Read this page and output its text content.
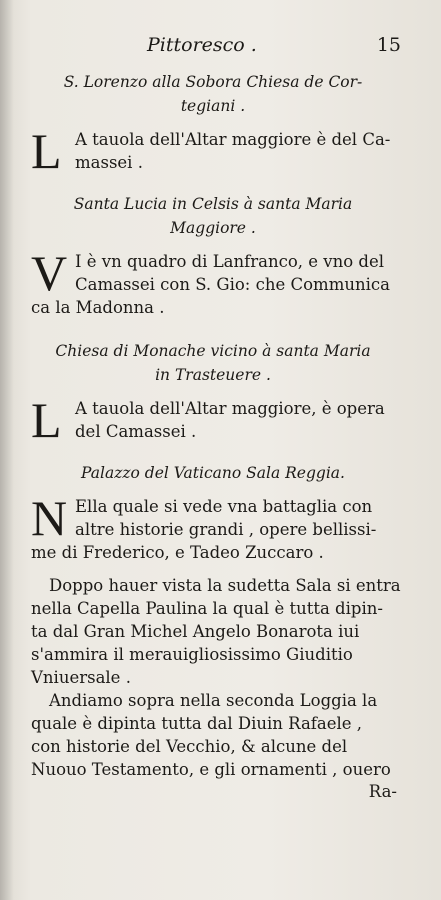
Pittoresco .	15
S. Lorenzo alla Sobora Chiesa de Cor-
tegiani .
L A tauola dell'Altar maggiore è del Ca-
massei .
Santa Lucia in Celsis à santa Maria
Maggiore .
V I è vn quadro di Lanfranco, e vno del
Camassei con S. Gio: che Communica
ca la Madonna .
Chiesa di Monache vicino à santa Maria
in Trasteuere .
L A tauola dell'Altar maggiore, è opera
del Camassei .
Palazzo del Vaticano Sala Reggia.
N Ella quale si vede vna battaglia con
altre historie grandi , opere bellissi-
me di Frederico, e Tadeo Zuccaro .
Doppo hauer vista la sudetta Sala si entra
nella Capella Paulina la qual è tutta dipin-
ta dal Gran Michel Angelo Bonarota iui
s'ammira il merauigliosissimo Giuditio
Vniuersale .
Andiamo sopra nella seconda Loggia la
quale è dipinta tutta dal Diuin Rafaele ,
con historie del Vecchio, & alcune del
Nuouo Testamento, e gli ornamenti , ouero
Ra-
